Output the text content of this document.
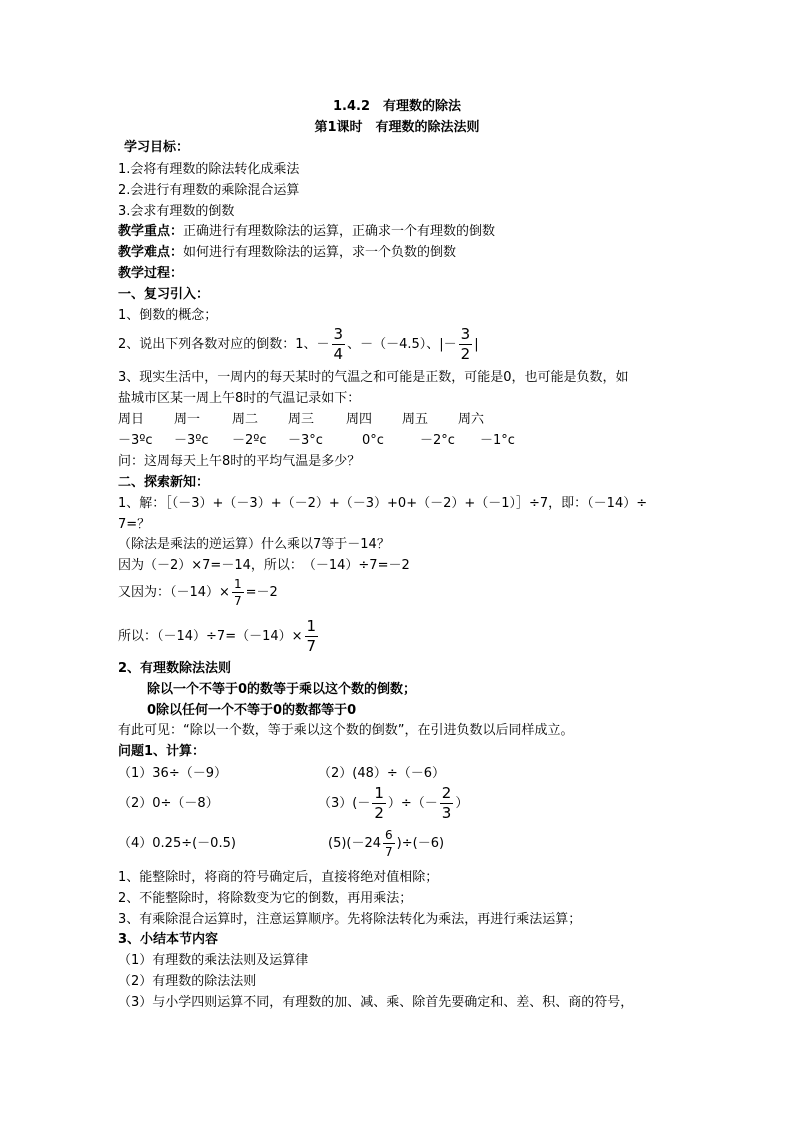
1.4.2　有理数的除法
第1课时　有理数的除法法则
学习目标：
1.会将有理数的除法转化成乘法
2.会进行有理数的乘除混合运算
3.会求有理数的倒数
教学重点：正确进行有理数除法的运算，正确求一个有理数的倒数
教学难点：如何进行有理数除法的运算，求一个负数的倒数
教学过程：
一、复习引入：
1、倒数的概念；
2、说出下列各数对应的倒数：1、－ $\frac{3}{4}$ 、－（－4.5）、|－ $\frac{3}{2}$ |
3、现实生活中，一周内的每天某时的气温之和可能是正数，可能是0，也可能是负数，如
盐城市区某一周上午8时的气温记录如下：
周日 周一 周二 周三 周四 周五 周六
－3ºc －3ºc －2ºc －3°c	0°c	－2°c －1°c
问：这周每天上午8时的平均气温是多少？
二、探索新知：
1、解：［（－3）+（－3）+（－2）+（－3）+0+（－2）+（－1）］÷7，即：（－14）÷
7=？
（除法是乘法的逆运算）什么乘以7等于－14？
因为（－2）×7=－14，所以：　（－14）÷7=－2
又因为：$(-14)\times \frac{1}{7} =-2$
所以：$(-14)\div 7=(-14)\times \frac{1}{7}$
2、有理数除法法则
除以一个不等于0的数等于乘以这个数的倒数；
0除以任何一个不等于0的数都等于0
有此可见：“除以一个数，等于乘以这个数的倒数”，在引进负数以后同样成立。
问题1、计算：
（1）36÷（－9）	（2）(48）÷（－6）
（2）0÷（－8）	$(3)(- \frac{1}{2}$ ）÷（－ $\frac{2}{3}$ ）
（4）0.25÷(－0.5)	$(5)(-24 \frac{6}{7} )\div(-6)$
1、能整除时，将商的符号确定后，直接将绝对值相除；
2、不能整除时，将除数变为它的倒数，再用乘法；
3、有乘除混合运算时，注意运算顺序。先将除法转化为乘法，再进行乘法运算；
3、小结本节内容
（1）有理数的乘法法则及运算律
（2）有理数的除法法则
（3）与小学四则运算不同，有理数的加、减、乘、除首先要确定和、差、积、商的符号，
